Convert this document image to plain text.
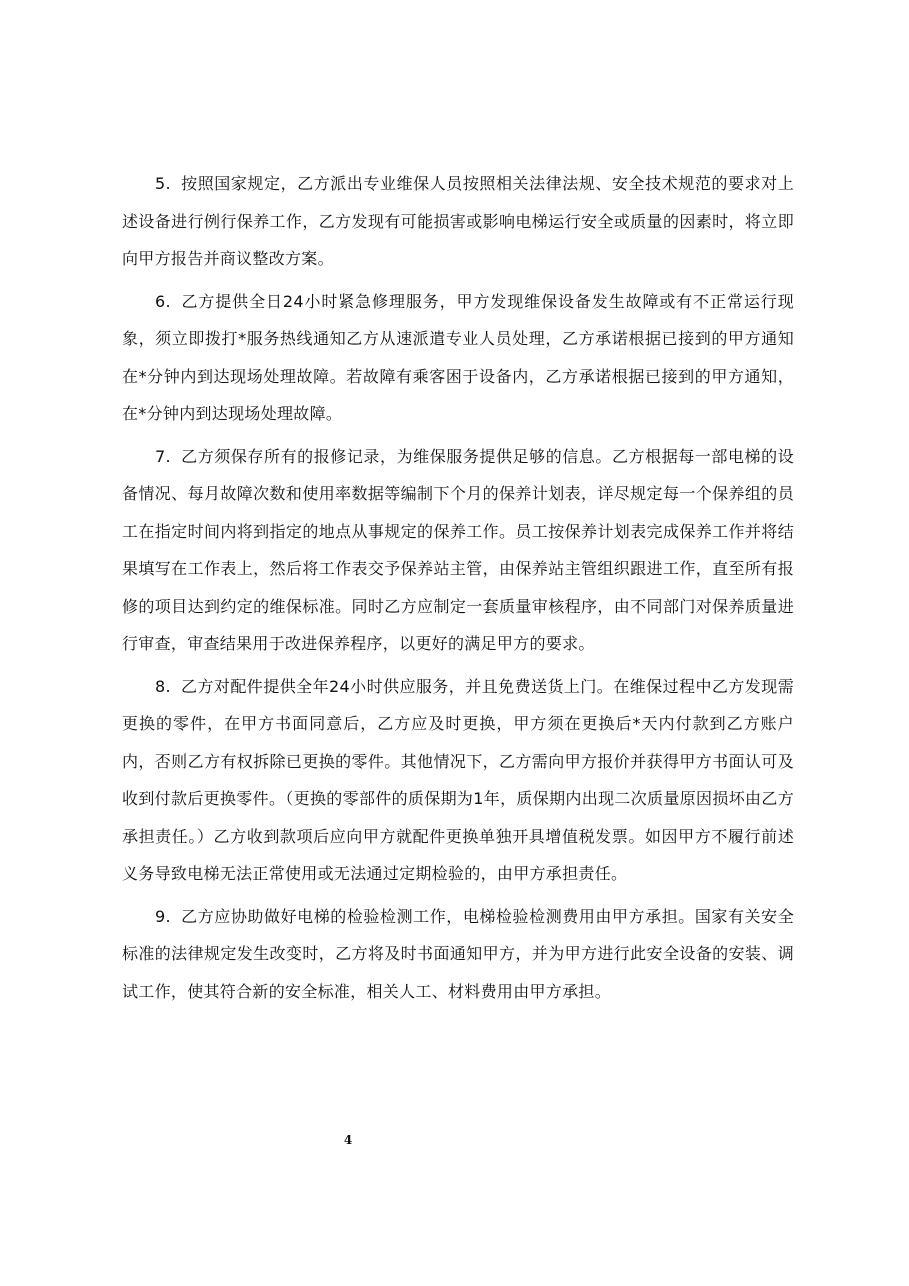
5. 按照国家规定，乙方派出专业维保人员按照相关法律法规、安全技术规范的要求对上述设备进行例行保养工作，乙方发现有可能损害或影响电梯运行安全或质量的因素时，将立即向甲方报告并商议整改方案。

6. 乙方提供全日24小时紧急修理服务，甲方发现维保设备发生故障或有不正常运行现象，须立即拨打*服务热线通知乙方从速派遣专业人员处理，乙方承诺根据已接到的甲方通知在*分钟内到达现场处理故障。若故障有乘客困于设备内，乙方承诺根据已接到的甲方通知，在*分钟内到达现场处理故障。

7. 乙方须保存所有的报修记录，为维保服务提供足够的信息。乙方根据每一部电梯的设备情况、每月故障次数和使用率数据等编制下个月的保养计划表，详尽规定每一个保养组的员工在指定时间内将到指定的地点从事规定的保养工作。员工按保养计划表完成保养工作并将结果填写在工作表上，然后将工作表交予保养站主管，由保养站主管组织跟进工作，直至所有报修的项目达到约定的维保标准。同时乙方应制定一套质量审核程序，由不同部门对保养质量进行审查，审查结果用于改进保养程序，以更好的满足甲方的要求。

8. 乙方对配件提供全年24小时供应服务，并且免费送货上门。在维保过程中乙方发现需更换的零件，在甲方书面同意后，乙方应及时更换，甲方须在更换后*天内付款到乙方账户内，否则乙方有权拆除已更换的零件。其他情况下，乙方需向甲方报价并获得甲方书面认可及收到付款后更换零件。（更换的零部件的质保期为1年，质保期内出现二次质量原因损坏由乙方承担责任。）乙方收到款项后应向甲方就配件更换单独开具增值税发票。如因甲方不履行前述义务导致电梯无法正常使用或无法通过定期检验的，由甲方承担责任。

9. 乙方应协助做好电梯的检验检测工作，电梯检验检测费用由甲方承担。国家有关安全标准的法律规定发生改变时，乙方将及时书面通知甲方，并为甲方进行此安全设备的安装、调试工作，使其符合新的安全标准，相关人工、材料费用由甲方承担。

4
